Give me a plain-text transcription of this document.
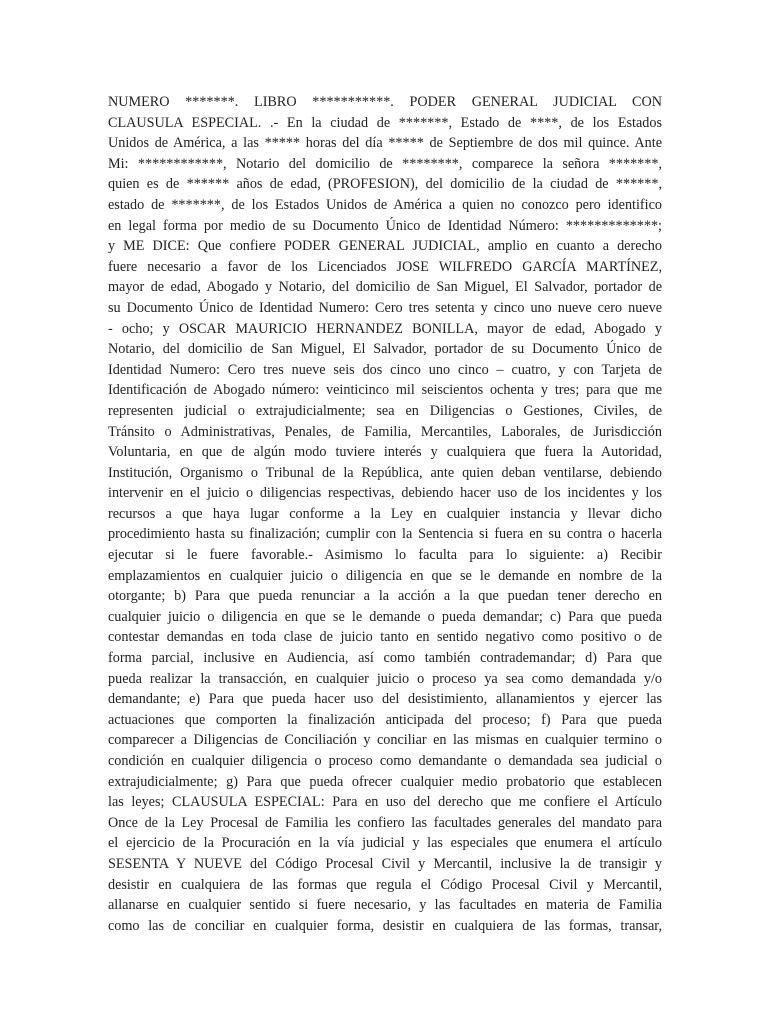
NUMERO *******. LIBRO ***********. PODER GENERAL JUDICIAL CON
CLAUSULA ESPECIAL. .- En la ciudad de *******, Estado de ****, de los Estados
Unidos de América, a las ***** horas del día ***** de Septiembre de dos mil quince. Ante
Mi: ************, Notario del domicilio de ********, comparece la señora *******,
quien es de ****** años de edad, (PROFESION), del domicilio de la ciudad de ******,
estado de *******, de los Estados Unidos de América a quien no conozco pero identifico
en legal forma por medio de su Documento Único de Identidad Número: *************;
y ME DICE: Que confiere PODER GENERAL JUDICIAL, amplio en cuanto a derecho
fuere necesario a favor de los Licenciados JOSE WILFREDO GARCÍA MARTÍNEZ,
mayor de edad, Abogado y Notario, del domicilio de San Miguel, El Salvador, portador de
su Documento Único de Identidad Numero: Cero tres setenta y cinco uno nueve cero nueve
- ocho; y OSCAR MAURICIO HERNANDEZ BONILLA, mayor de edad, Abogado y
Notario, del domicilio de San Miguel, El Salvador, portador de su Documento Único de
Identidad Numero: Cero tres nueve seis dos cinco uno cinco – cuatro, y con Tarjeta de
Identificación de Abogado número: veinticinco mil seiscientos ochenta y tres; para que me
representen judicial o extrajudicialmente; sea en Diligencias o Gestiones, Civiles, de
Tránsito o Administrativas, Penales, de Familia, Mercantiles, Laborales, de Jurisdicción
Voluntaria, en que de algún modo tuviere interés y cualquiera que fuera la Autoridad,
Institución, Organismo o Tribunal de la República, ante quien deban ventilarse, debiendo
intervenir en el juicio o diligencias respectivas, debiendo hacer uso de los incidentes y los
recursos a que haya lugar conforme a la Ley en cualquier instancia y llevar dicho
procedimiento hasta su finalización; cumplir con la Sentencia si fuera en su contra o hacerla
ejecutar si le fuere favorable.- Asimismo lo faculta para lo siguiente: a) Recibir
emplazamientos en cualquier juicio o diligencia en que se le demande en nombre de la
otorgante; b) Para que pueda renunciar a la acción a la que puedan tener derecho en
cualquier juicio o diligencia en que se le demande o pueda demandar; c) Para que pueda
contestar demandas en toda clase de juicio tanto en sentido negativo como positivo o de
forma parcial, inclusive en Audiencia, así como también contrademandar; d) Para que
pueda realizar la transacción, en cualquier juicio o proceso ya sea como demandada y/o
demandante; e) Para que pueda hacer uso del desistimiento, allanamientos y ejercer las
actuaciones que comporten la finalización anticipada del proceso; f) Para que pueda
comparecer a Diligencias de Conciliación y conciliar en las mismas en cualquier termino o
condición en cualquier diligencia o proceso como demandante o demandada sea judicial o
extrajudicialmente; g) Para que pueda ofrecer cualquier medio probatorio que establecen
las leyes; CLAUSULA ESPECIAL: Para en uso del derecho que me confiere el Artículo
Once de la Ley Procesal de Familia les confiero las facultades generales del mandato para
el ejercicio de la Procuración en la vía judicial y las especiales que enumera el artículo
SESENTA Y NUEVE del Código Procesal Civil y Mercantil, inclusive la de transigir y
desistir en cualquiera de las formas que regula el Código Procesal Civil y Mercantil,
allanarse en cualquier sentido si fuere necesario, y las facultades en materia de Familia
como las de conciliar en cualquier forma, desistir en cualquiera de las formas, transar,
